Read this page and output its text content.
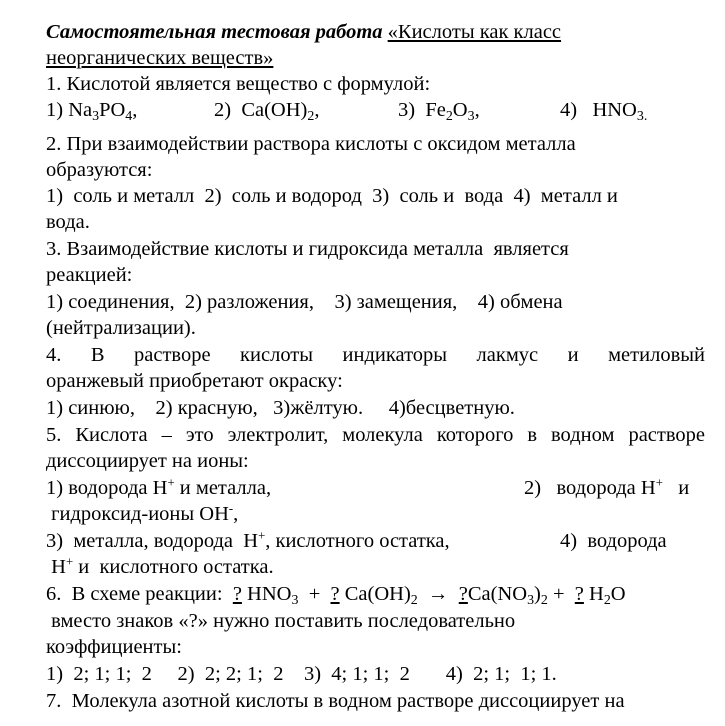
Самостоятельная тестовая работа «Кислоты как класс
неорганических веществ»
1. Кислотой является вещество с формулой:

1) $Na_3PO_4$,

	2)  $Ca(OH)_2$,

	3)  $Fe_2O_3$,

	4)   $HNO_{3.}$

2. При взаимодействии раствора кислоты с оксидом металла
образуются:
1)  соль и металл  2)  соль и водород  3)  соль и  вода  4)  металл и
вода.
3. Взаимодействие кислоты и гидроксида металла  является
реакцией:
1) соединения,  2) разложения,    3) замещения,    4) обмена
(нейтрализации).
4. В растворе кислоты индикаторы лакмус и метиловый
оранжевый приобретают окраску:
1) синюю,    2) красную,   3)жёлтую.     4)бесцветную.
5. Кислота – это электролит, молекула которого в водном растворе
диссоциирует на ионы:

1) водорода H+ и металла,

	2)   водорода H+   и

гидроксид-ионы OH-,

3)  металла, водорода  H+, кислотного остатка,

	4)  водорода

H+ и  кислотного остатка.
6.  В схеме реакции:  ? $HNO_3$  +  ? $Ca(OH)_2$  →  $?Ca(NO_3)_2$ +  ? $H_2O$
вместо знаков «?» нужно поставить последовательно
коэффициенты:
1)  2; 1; 1;  2     2)  2; 2; 1;  2    3)  4; 1; 1;  2       4)  2; 1;  1; 1.
7.  Молекула азотной кислоты в водном растворе диссоциирует на
